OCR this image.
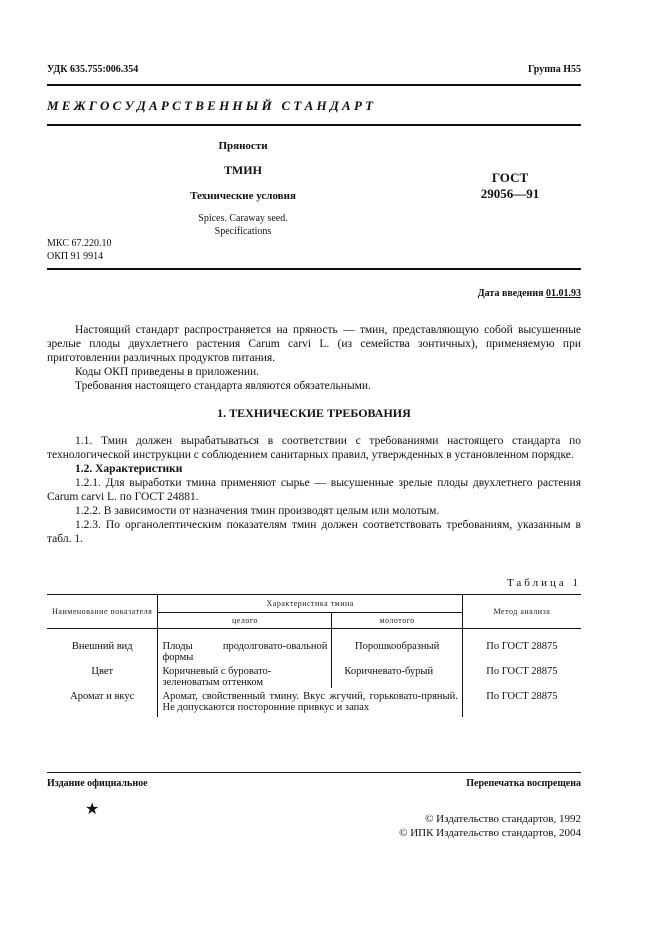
УДК 635.755:006.354	Группа Н55
М Е Ж Г О С У Д А Р С Т В Е Н Н Ы Й   С Т А Н Д А Р Т
Пряности
ТМИН
Технические условия
Spices. Caraway seed.
Specifications
ГОСТ
29056—91
МКС 67.220.10
ОКП 91 9914
Дата введения 01.01.93

Настоящий стандарт распространяется на пряность — тмин, представляющую собой высушенные зрелые плоды двухлетнего растения Carum carvi L. (из семейства зонтичных), применяемую при приготовлении различных продуктов питания.

Коды ОКП приведены в приложении.

Требования настоящего стандарта являются обязательными.

1. ТЕХНИЧЕСКИЕ ТРЕБОВАНИЯ

1.1. Тмин должен вырабатываться в соответствии с требованиями настоящего стандарта по технологической инструкции с соблюдением санитарных правил, утвержденных в установленном порядке.

1.2. Характеристики

1.2.1. Для выработки тмина применяют сырье — высушенные зрелые плоды двухлетнего растения Carum carvi L. по ГОСТ 24881.

1.2.2. В зависимости от назначения тмин производят целым или молотым.

1.2.3. По органолептическим показателям тмин должен соответствовать требованиям, указанным в табл. 1.

Таблица 1
Наименование показателя	Характеристика тмина		Метод анализа
	целого	молотого	
Внешний вид	Плоды продолговато-овальной формы	Порошкообразный	По ГОСТ 28875
Цвет	Коричневый с буровато-зеленоватым оттенком	Коричневато-бурый	По ГОСТ 28875
Аромат и вкус	Аромат, свойственный тмину. Вкус жгучий, горьковато-пряный. Не допускаются посторонние привкус и запах		По ГОСТ 28875
Издание официальное	Перепечатка воспрещена
★
© Издательство стандартов, 1992
© ИПК Издательство стандартов, 2004
